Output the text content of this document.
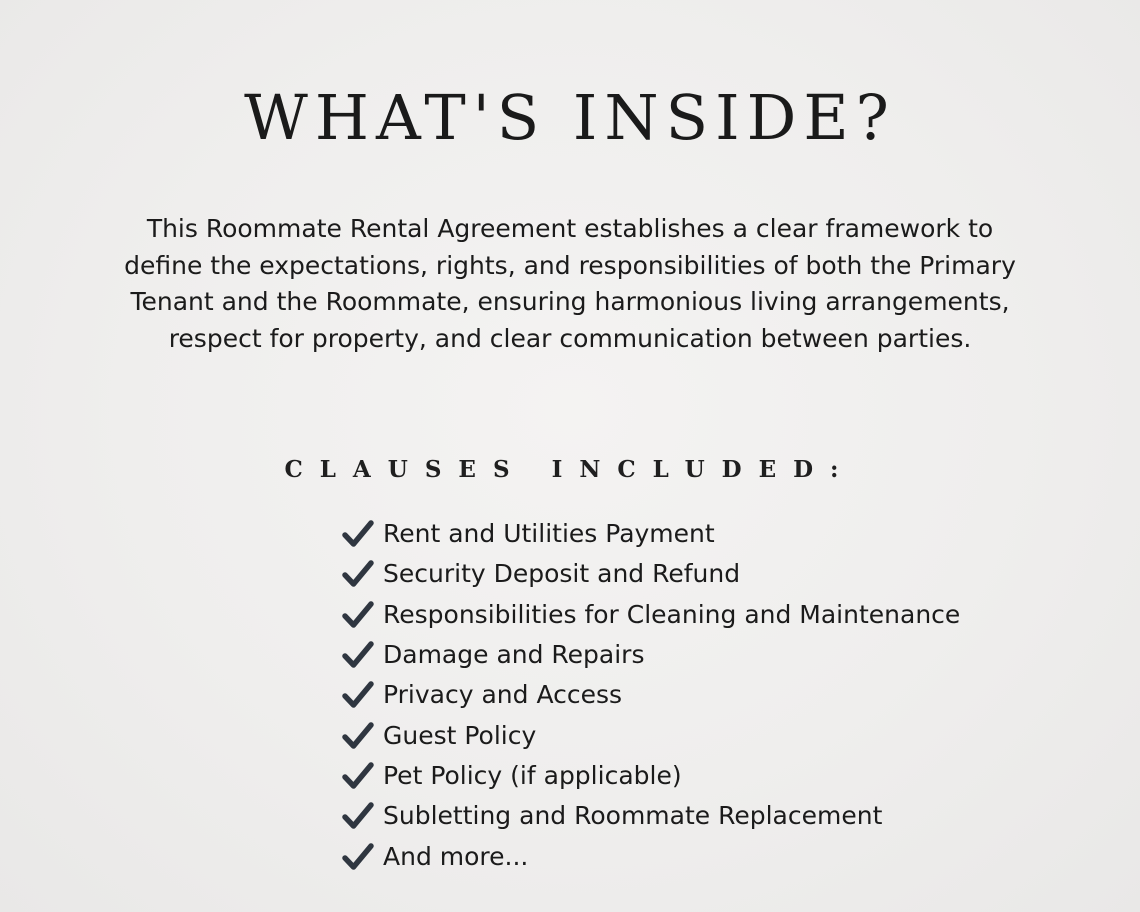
WHAT'S INSIDE?

This Roommate Rental Agreement establishes a clear framework to define the expectations, rights, and responsibilities of both the Primary Tenant and the Roommate, ensuring harmonious living arrangements, respect for property, and clear communication between parties.

CLAUSES INCLUDED:
Rent and Utilities Payment
Security Deposit and Refund
Responsibilities for Cleaning and Maintenance
Damage and Repairs
Privacy and Access
Guest Policy
Pet Policy (if applicable)
Subletting and Roommate Replacement
And more...
